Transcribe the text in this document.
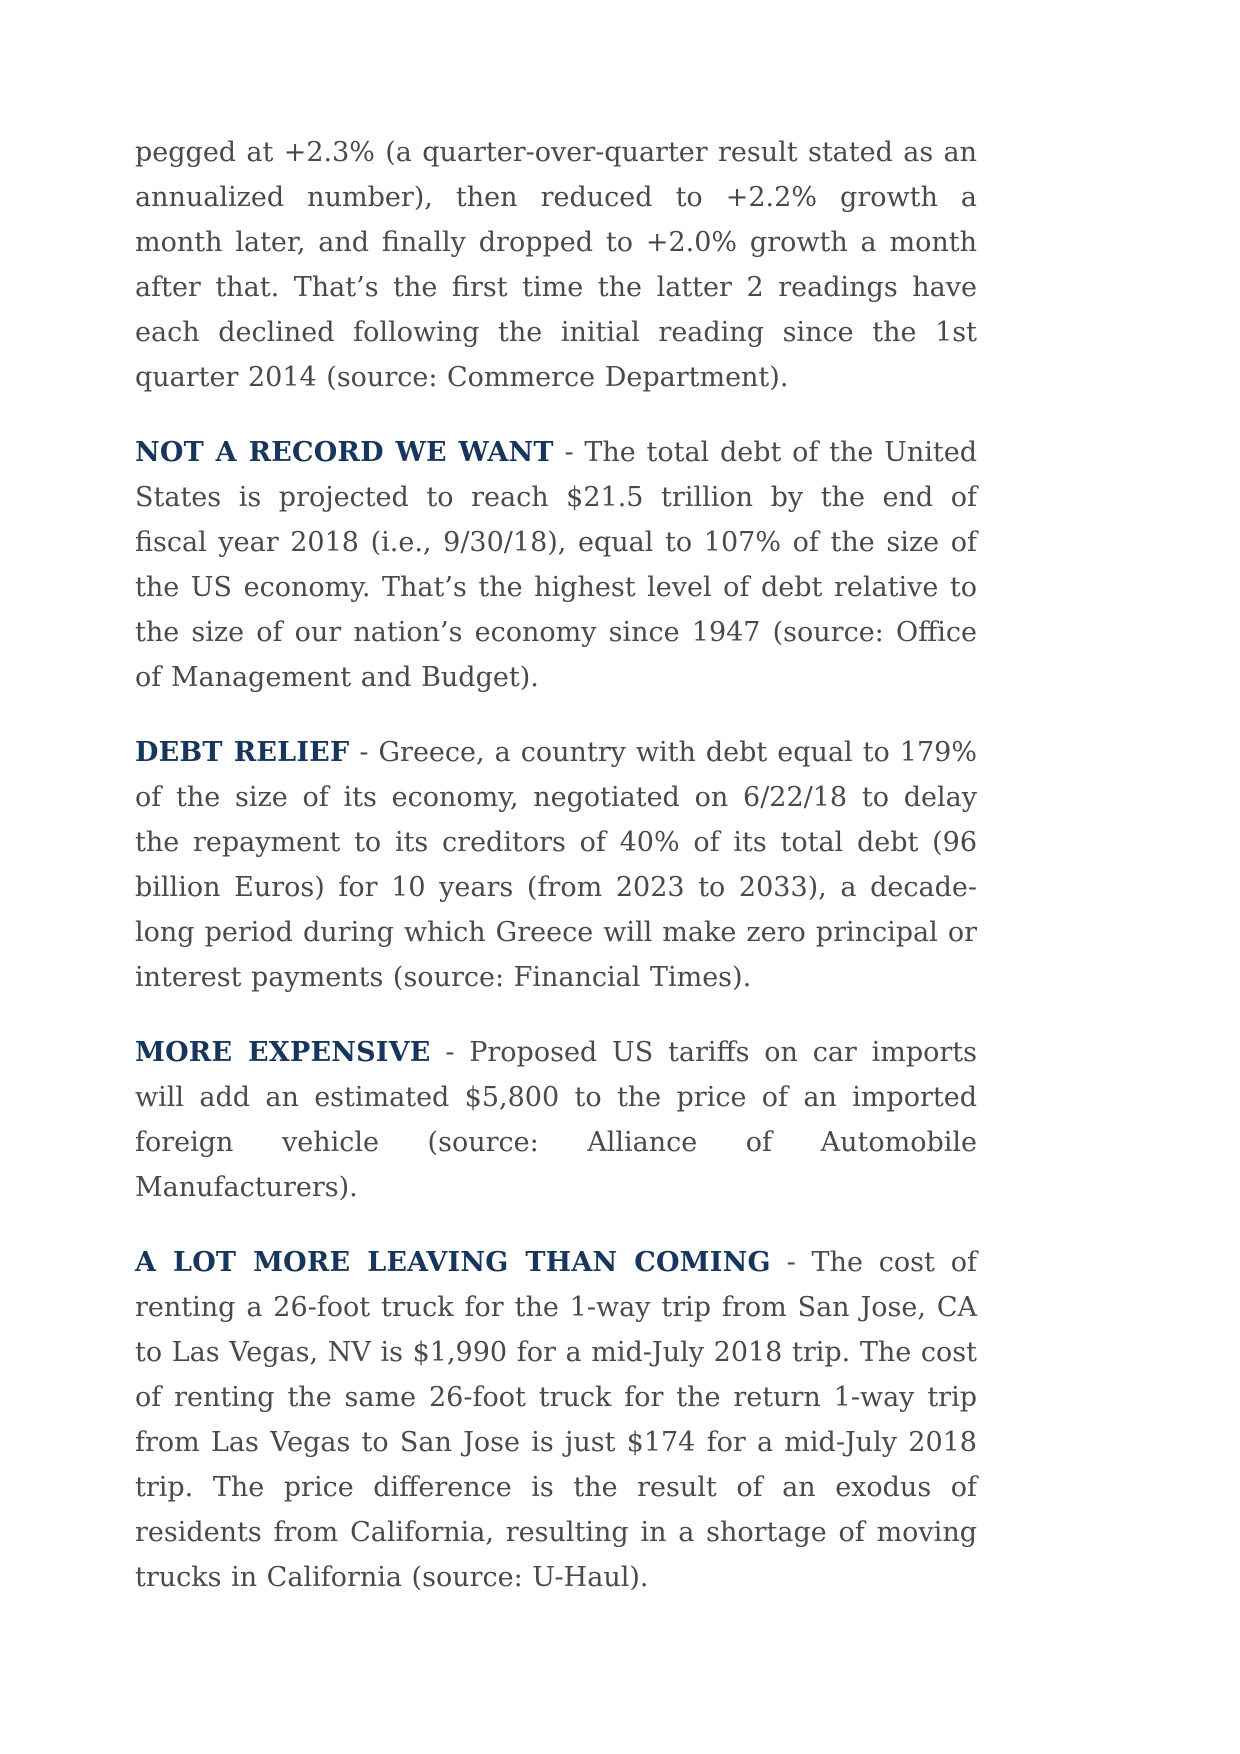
pegged at +2.3% (a quarter-over-quarter result stated as an annualized number), then reduced to +2.2% growth a month later, and finally dropped to +2.0% growth a month after that. That’s the first time the latter 2 readings have each declined following the initial reading since the 1st quarter 2014 (source: Commerce Department).

NOT A RECORD WE WANT - The total debt of the United States is projected to reach $21.5 trillion by the end of fiscal year 2018 (i.e., 9/30/18), equal to 107% of the size of the US economy. That’s the highest level of debt relative to the size of our nation’s economy since 1947 (source: Office of Management and Budget).

DEBT RELIEF - Greece, a country with debt equal to 179% of the size of its economy, negotiated on 6/22/18 to delay the repayment to its creditors of 40% of its total debt (96 billion Euros) for 10 years (from 2023 to 2033), a decade-long period during which Greece will make zero principal or interest payments (source: Financial Times).

MORE EXPENSIVE - Proposed US tariffs on car imports will add an estimated $5,800 to the price of an imported foreign vehicle (source: Alliance of Automobile Manufacturers).

A LOT MORE LEAVING THAN COMING - The cost of renting a 26-foot truck for the 1-way trip from San Jose, CA to Las Vegas, NV is $1,990 for a mid-July 2018 trip. The cost of renting the same 26-foot truck for the return 1-way trip from Las Vegas to San Jose is just $174 for a mid-July 2018 trip. The price difference is the result of an exodus of residents from California, resulting in a shortage of moving trucks in California (source: U-Haul).
